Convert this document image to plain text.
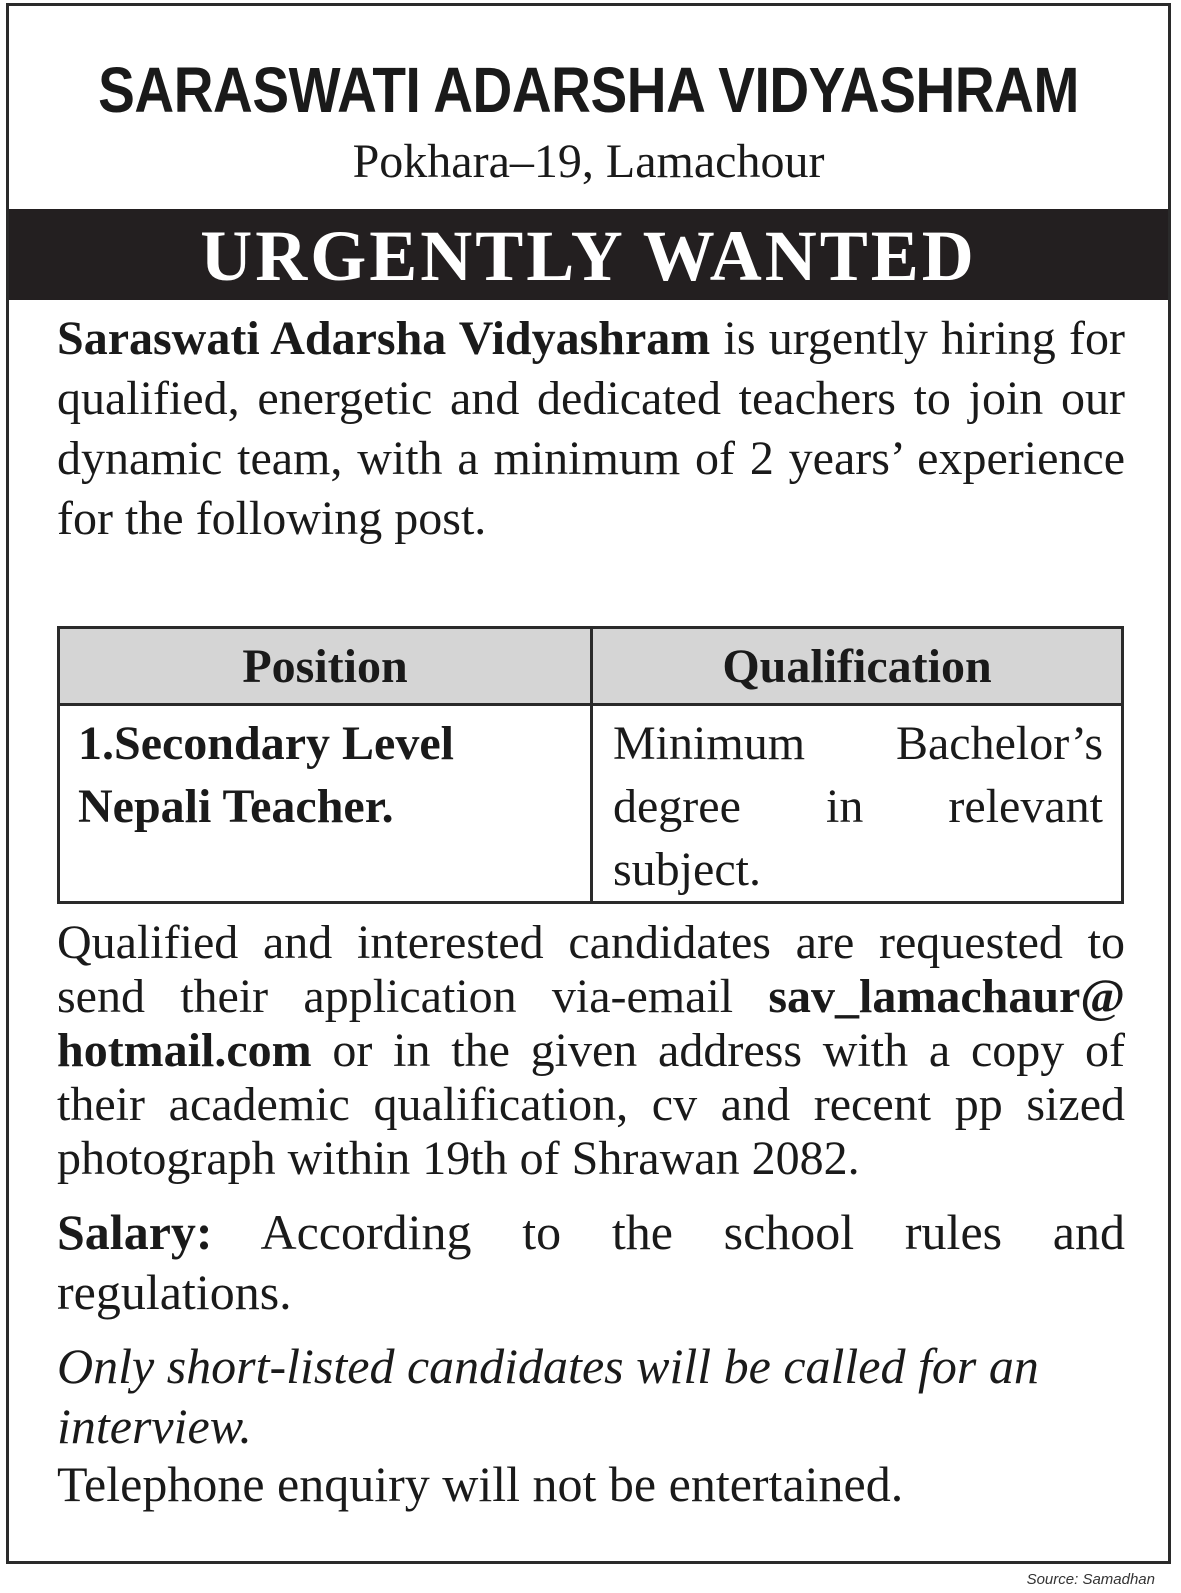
SARASWATI ADARSHA VIDYASHRAM
Pokhara–19, Lamachour
URGENTLY WANTED

Saraswati Adarsha Vidyashram is urgently hiring for qualified, energetic and dedicated teachers to join our dynamic team, with a minimum of 2 years’ experience for the following post.

Position	Qualification
1.Secondary Level Nepali Teacher.	Minimum Bachelor’s degree in relevant subject.

Qualified and interested candidates are requested to send their application via-email sav_lamachaur@ hotmail.com or in the given address with a copy of their academic qualification, cv and recent pp sized photograph within 19th of Shrawan 2082.

Salary: According to the school rules and regulations.

Only short-listed candidates will be called for an interview.

Telephone enquiry will not be entertained.

Source: Samadhan
